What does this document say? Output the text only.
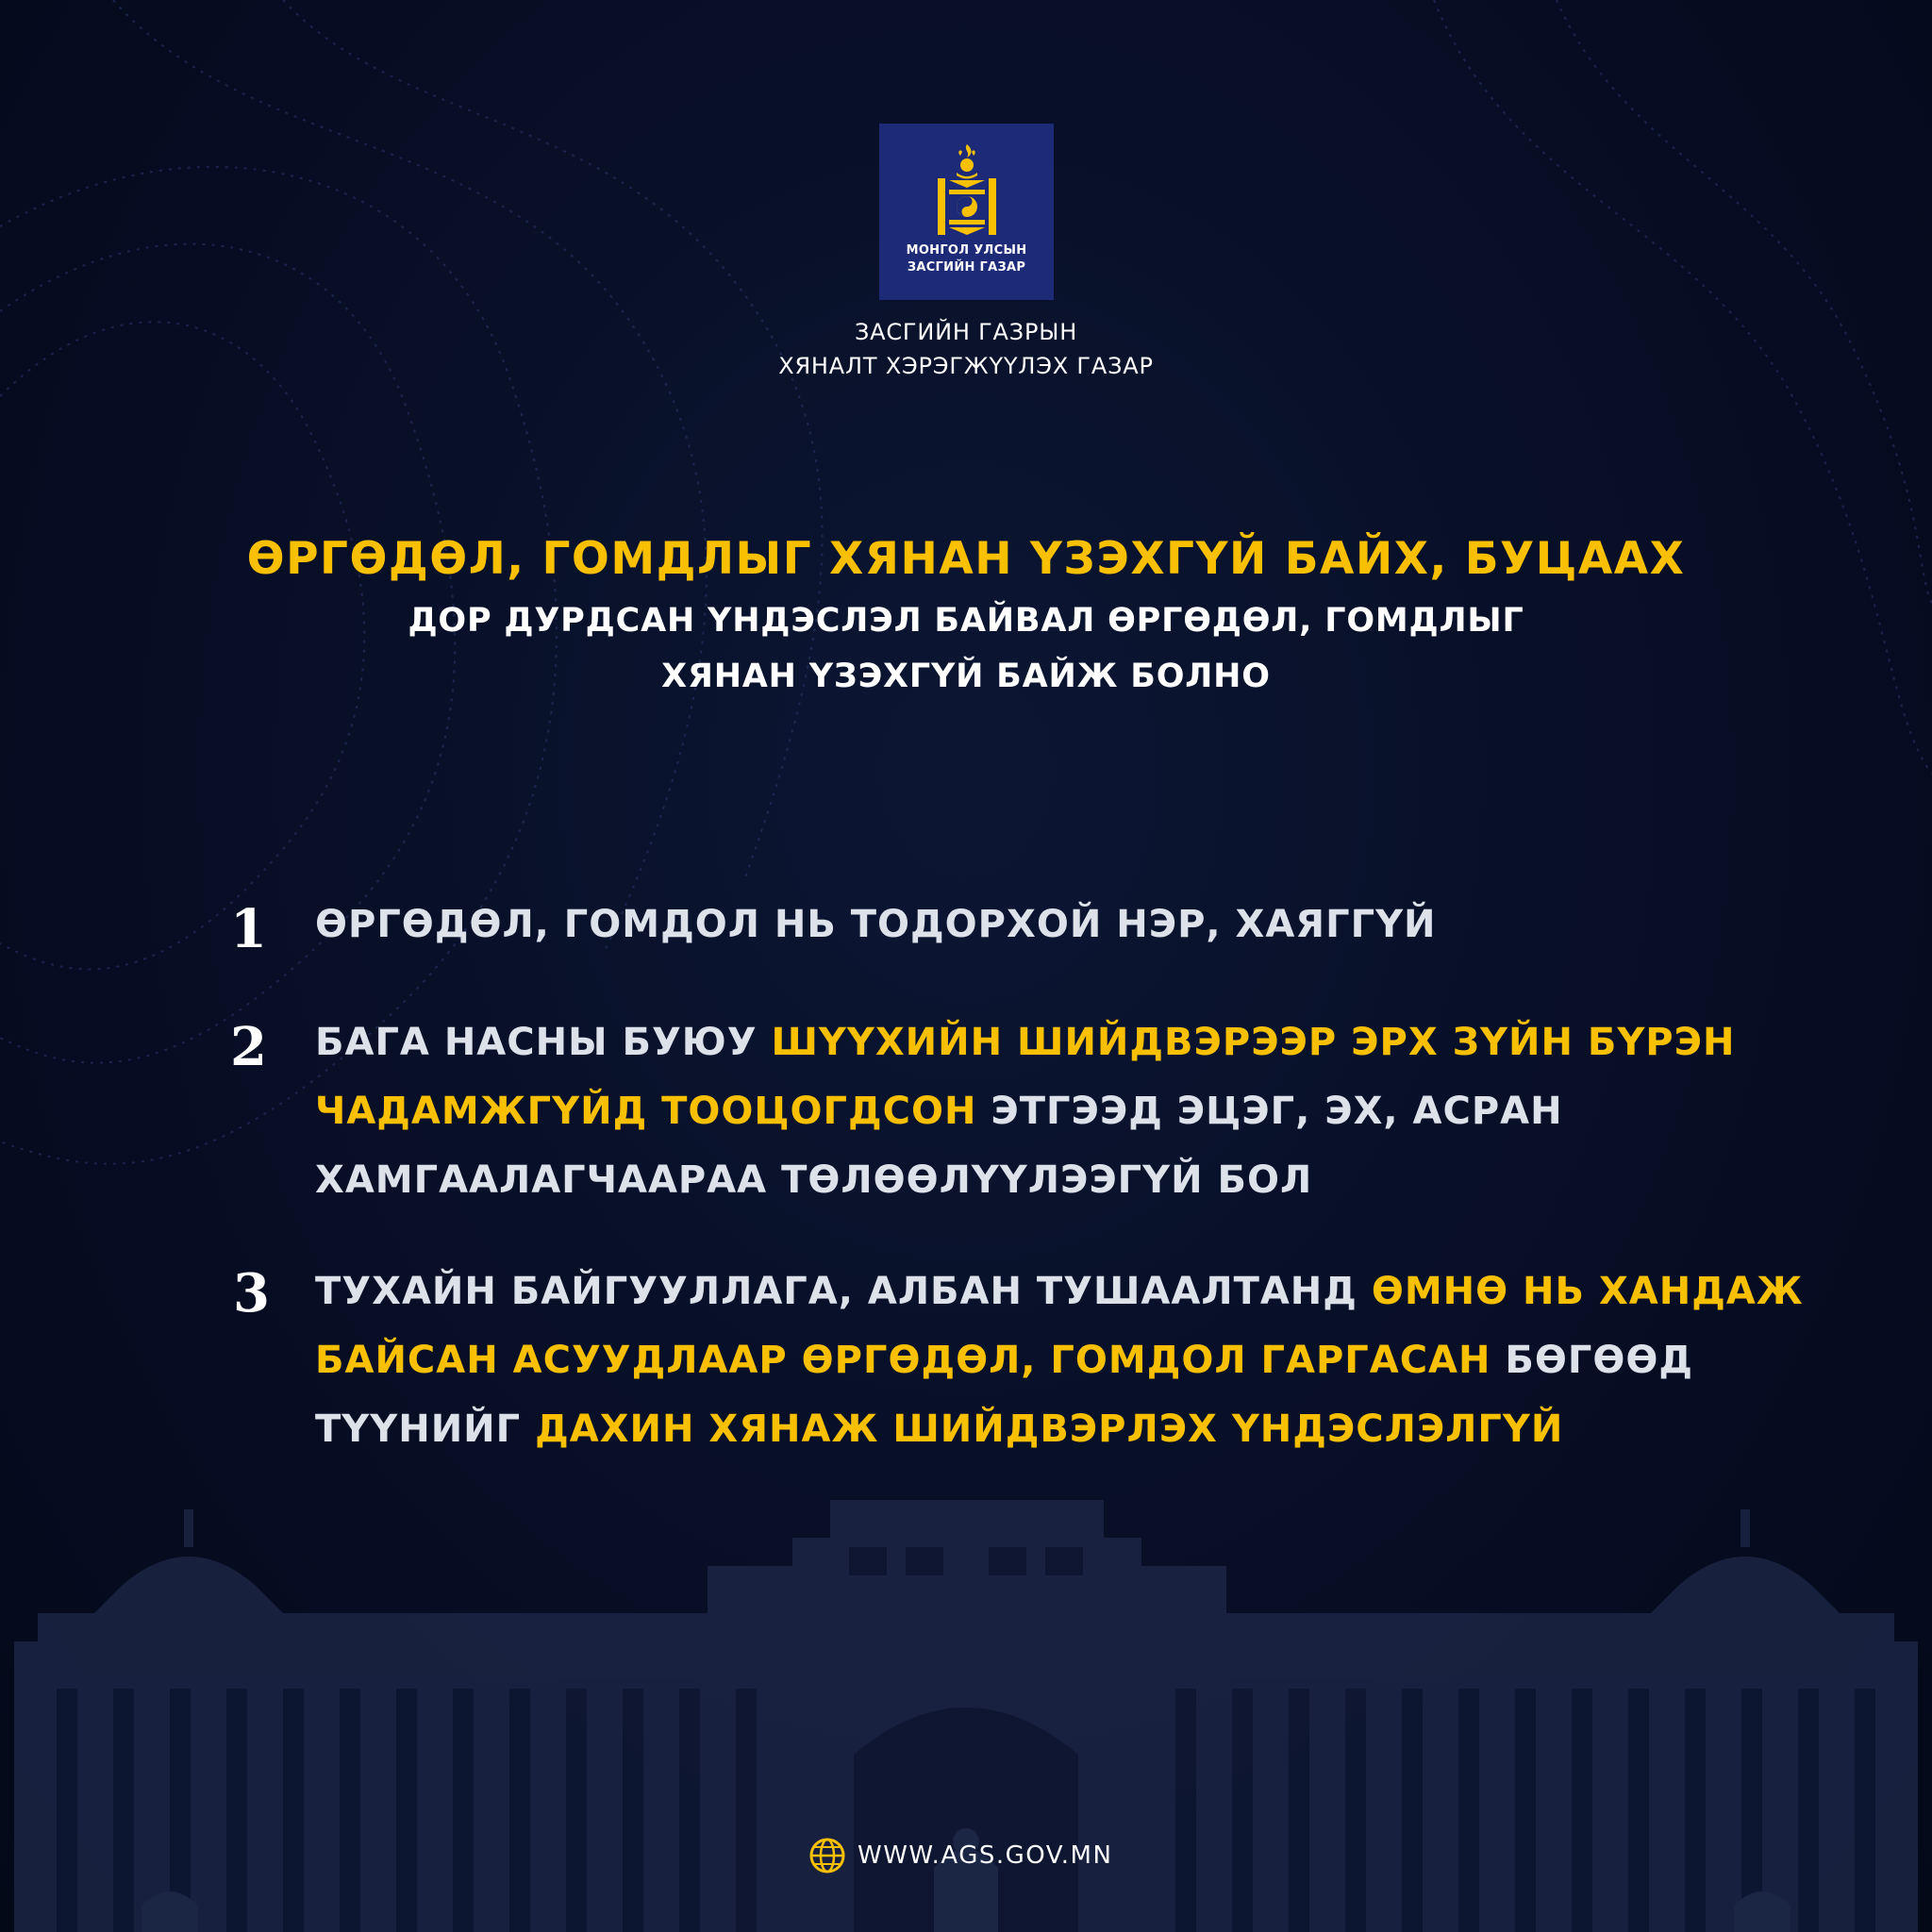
МОНГОЛ УЛСЫН
ЗАСГИЙН ГАЗАР
ЗАСГИЙН ГАЗРЫН
ХЯНАЛТ ХЭРЭГЖҮҮЛЭХ ГАЗАР
ӨРГӨДӨЛ, ГОМДЛЫГ ХЯНАН ҮЗЭХГҮЙ БАЙХ, БУЦААХ
ДОР ДУРДСАН ҮНДЭСЛЭЛ БАЙВАЛ ӨРГӨДӨЛ, ГОМДЛЫГ
ХЯНАН ҮЗЭХГҮЙ БАЙЖ БОЛНО
1 ӨРГӨДӨЛ, ГОМДОЛ НЬ ТОДОРХОЙ НЭР, ХАЯГГҮЙ
2 БАГА НАСНЫ БУЮУ ШҮҮХИЙН ШИЙДВЭРЭЭР ЭРХ ЗҮЙН БҮРЭН
ЧАДАМЖГҮЙД ТООЦОГДСОН ЭТГЭЭД ЭЦЭГ, ЭХ, АСРАН
ХАМГААЛАГЧААРАА ТӨЛӨӨЛҮҮЛЭЭГҮЙ БОЛ
3 ТУХАЙН БАЙГУУЛЛАГА, АЛБАН ТУШААЛТАНД ӨМНӨ НЬ ХАНДАЖ
БАЙСАН АСУУДЛААР ӨРГӨДӨЛ, ГОМДОЛ ГАРГАСАН БӨГӨӨД
ТҮҮНИЙГ ДАХИН ХЯНАЖ ШИЙДВЭРЛЭХ ҮНДЭСЛЭЛГҮЙ
WWW.AGS.GOV.MN
